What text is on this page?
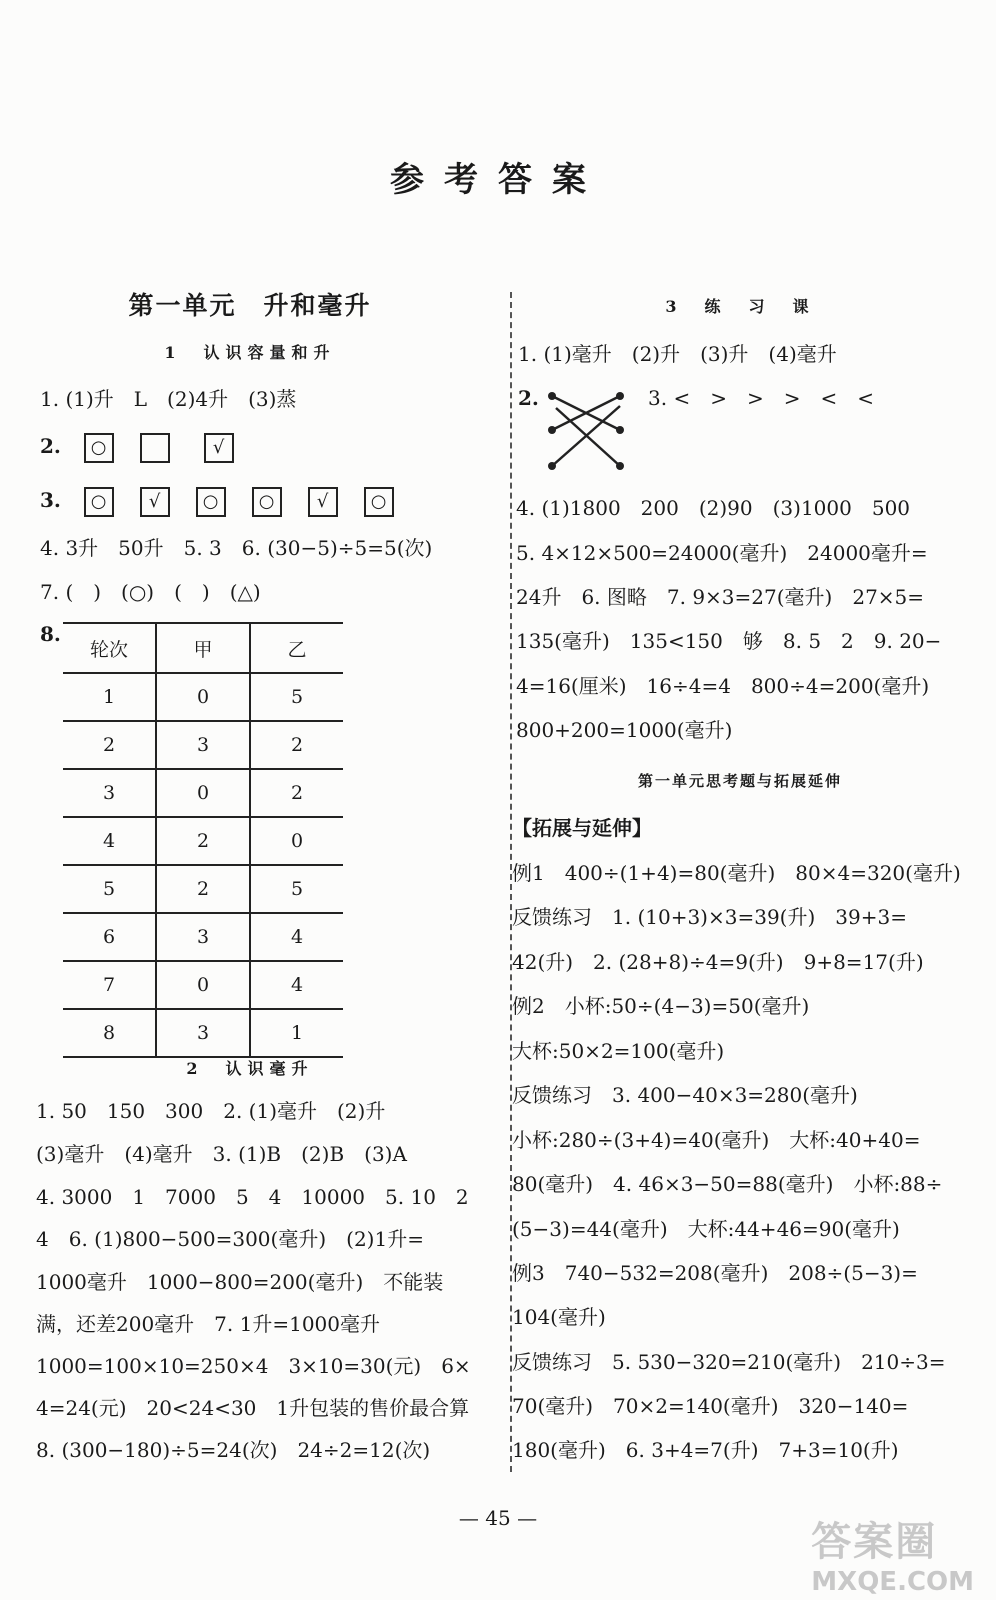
参考答案
第一单元　升和毫升
1　认识容量和升
1. (1)升　L　(2)4升　(3)蒸
2. ○	√
3. ○ √ ○ ○ √ ○
4. 3升　50升　5. 3　6. (30−5)÷5=5(次)
7. (　)　(○)　(　)　(△)
8.
轮次	甲	乙
1	0	5
2	3	2
3	0	2
4	2	0
5	2	5
6	3	4
7	0	4
8	3	1
2　认识毫升
1. 50　150　300　2. (1)毫升　(2)升
(3)毫升　(4)毫升　3. (1)B　(2)B　(3)A
4. 3000　1　7000　5　4　10000　5. 10　2
4　6. (1)800−500=300(毫升)　(2)1升=
1000毫升　1000−800=200(毫升)　不能装
满，还差200毫升　7. 1升=1000毫升
1000=100×10=250×4　3×10=30(元)　6×
4=24(元)　20<24<30　1升包装的售价最合算
8. (300−180)÷5=24(次)　24÷2=12(次)
3　练　习　课
1. (1)毫升　(2)升　(3)升　(4)毫升
2.	3. <　>　>　>　<　<
4. (1)1800　200　(2)90　(3)1000　500
5. 4×12×500=24000(毫升)　24000毫升=
24升　6. 图略　7. 9×3=27(毫升)　27×5=
135(毫升)　135<150　够　8. 5　2　9. 20−
4=16(厘米)　16÷4=4　800÷4=200(毫升)
800+200=1000(毫升)
第一单元思考题与拓展延伸
【拓展与延伸】
例1　400÷(1+4)=80(毫升)　80×4=320(毫升)
反馈练习　1. (10+3)×3=39(升)　39+3=
42(升)　2. (28+8)÷4=9(升)　9+8=17(升)
例2　小杯:50÷(4−3)=50(毫升)
大杯:50×2=100(毫升)
反馈练习　3. 400−40×3=280(毫升)
小杯:280÷(3+4)=40(毫升)　大杯:40+40=
80(毫升)　4. 46×3−50=88(毫升)　小杯:88÷
(5−3)=44(毫升)　大杯:44+46=90(毫升)
例3　740−532=208(毫升)　208÷(5−3)=
104(毫升)
反馈练习　5. 530−320=210(毫升)　210÷3=
70(毫升)　70×2=140(毫升)　320−140=
180(毫升)　6. 3+4=7(升)　7+3=10(升)
— 45 —
答案圈
MXQE.COM
